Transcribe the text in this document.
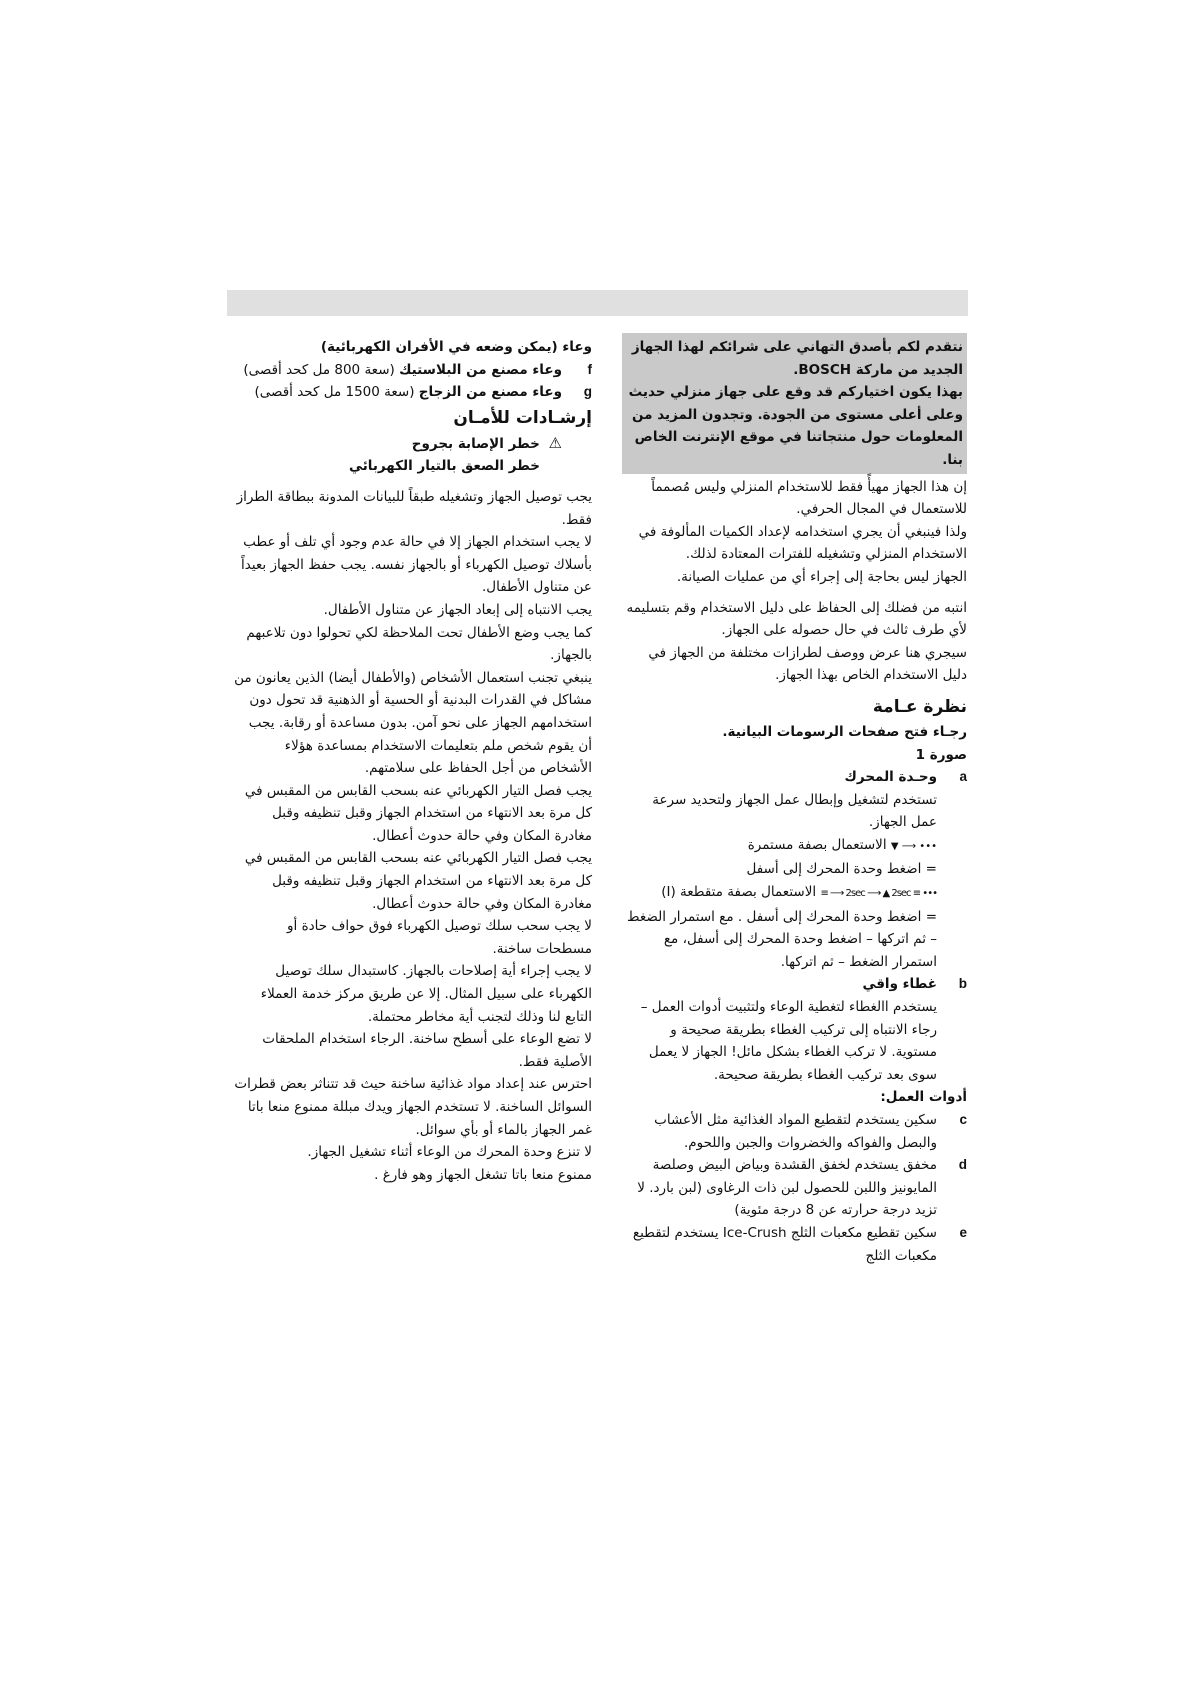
نتقدم لكم بأصدق التهاني على شرائكم لهذا الجهاز الجديد من ماركة BOSCH.

بهذا يكون اختياركم قد وقع على جهاز منزلي حديث وعلى أعلى مستوى من الجودة. وتجدون المزيد من المعلومات حول منتجاتنا في موقع الإنترنت الخاص بنا.

إن هذا الجهاز مهيأً فقط للاستخدام المنزلي وليس مُصمماً للاستعمال في المجال الحرفي.

ولذا فينبغي أن يجري استخدامه لإعداد الكميات المألوفة في الاستخدام المنزلي وتشغيله للفترات المعتادة لذلك.

الجهاز ليس بحاجة إلى إجراء أي من عمليات الصيانة.

انتبه من فضلك إلى الحفاظ على دليل الاستخدام وقم بتسليمه لأي طرف ثالث في حال حصوله على الجهاز.

سيجري هنا عرض ووصف لطرازات مختلفة من الجهاز في دليل الاستخدام الخاص بهذا الجهاز.

نظرة عـامة

رجـاء فتح صفحات الرسومات البيانية.

صورة 1

وحـدة المحرك

تستخدم لتشغيل وإبطال عمل الجهاز ولتحديد سرعة عمل الجهاز.

••• ⟶ ▼ الاستعمال بصفة مستمرة

= اضغط وحدة المحرك إلى أسفل

••• ≡ 2sec ⟶ ▲ 2sec ⟶ ≡ الاستعمال بصفة متقطعة (I)

= اضغط وحدة المحرك إلى أسفل . مع استمرار الضغط – ثم اتركها – اضغط وحدة المحرك إلى أسفل، مع استمرار الضغط – ثم اتركها.

a

غطاء واقي

يستخدم االغطاء لتغطية الوعاء ولتثبيت أدوات العمل – رجاء الانتباه إلى تركيب الغطاء بطريقة صحيحة و مستوية. لا تركب الغطاء بشكل مائل! الجهاز لا يعمل سوى بعد تركيب الغطاء بطريقة صحيحة.

b

أدوات العمل:

سكين يستخدم لتقطيع المواد الغذائية مثل الأعشاب والبصل والفواكه والخضروات والجبن واللحوم.

c

مخفق يستخدم لخفق القشدة وبياض البيض وصلصة المايونيز واللبن للحصول لبن ذات الرغاوى (لبن بارد. لا تزيد درجة حرارته عن 8 درجة مئوية)

d

سكين تقطيع مكعبات الثلج Ice-Crush يستخدم لتقطيع مكعبات الثلج

e

وعاء (يمكن وضعه في الأفران الكهربائية)

وعاء مصنع من البلاستيك (سعة 800 مل كحد أقصى)	f
وعاء مصنع من الزجاج (سعة 1500 مل كحد أقصى)	g
إرشـادات للأمـان

⚠ خطر الإصابة بجروح

خطر الصعق بالتيار الكهربائي

يجب توصيل الجهاز وتشغيله طبقاً للبيانات المدونة ببطاقة الطراز فقط.

لا يجب استخدام الجهاز إلا في حالة عدم وجود أي تلف أو عطب بأسلاك توصيل الكهرباء أو بالجهاز نفسه. يجب حفظ الجهاز بعيداً عن متناول الأطفال.

يجب الانتباه إلى إبعاد الجهاز عن متناول الأطفال.

كما يجب وضع الأطفال تحت الملاحظة لكي تحولوا دون تلاعبهم بالجهاز.

ينبغي تجنب استعمال الأشخاص (والأطفال أيضا) الذين يعانون من مشاكل في القدرات البدنية أو الحسية أو الذهنية قد تحول دون استخدامهم الجهاز على نحو آمن. بدون مساعدة أو رقابة. يجب أن يقوم شخص ملم بتعليمات الاستخدام بمساعدة هؤلاء الأشخاص من أجل الحفاظ على سلامتهم.

يجب فصل التيار الكهربائي عنه بسحب القابس من المقبس في كل مرة بعد الانتهاء من استخدام الجهاز وقبل تنظيفه وقبل مغادرة المكان وفي حالة حدوث أعطال.

يجب فصل التيار الكهربائي عنه بسحب القابس من المقبس في كل مرة بعد الانتهاء من استخدام الجهاز وقبل تنظيفه وقبل مغادرة المكان وفي حالة حدوث أعطال.

لا يجب سحب سلك توصيل الكهرباء فوق حواف حادة أو مسطحات ساخنة.

لا يجب إجراء أية إصلاحات بالجهاز. كاستبدال سلك توصيل الكهرباء على سبيل المثال. إلا عن طريق مركز خدمة العملاء التابع لنا وذلك لتجنب أية مخاطر محتملة.

لا تضع الوعاء على أسطح ساخنة. الرجاء استخدام الملحقات الأصلية فقط.

احترس عند إعداد مواد غذائية ساخنة حيث قد تتناثر بعض قطرات السوائل الساخنة. لا تستخدم الجهاز ويدك مبللة ممنوع منعا باتا غمر الجهاز بالماء أو بأي سوائل.

لا تنزع وحدة المحرك من الوعاء أثناء تشغيل الجهاز.

ممنوع منعا باتا تشغل الجهاز وهو فارغ .
